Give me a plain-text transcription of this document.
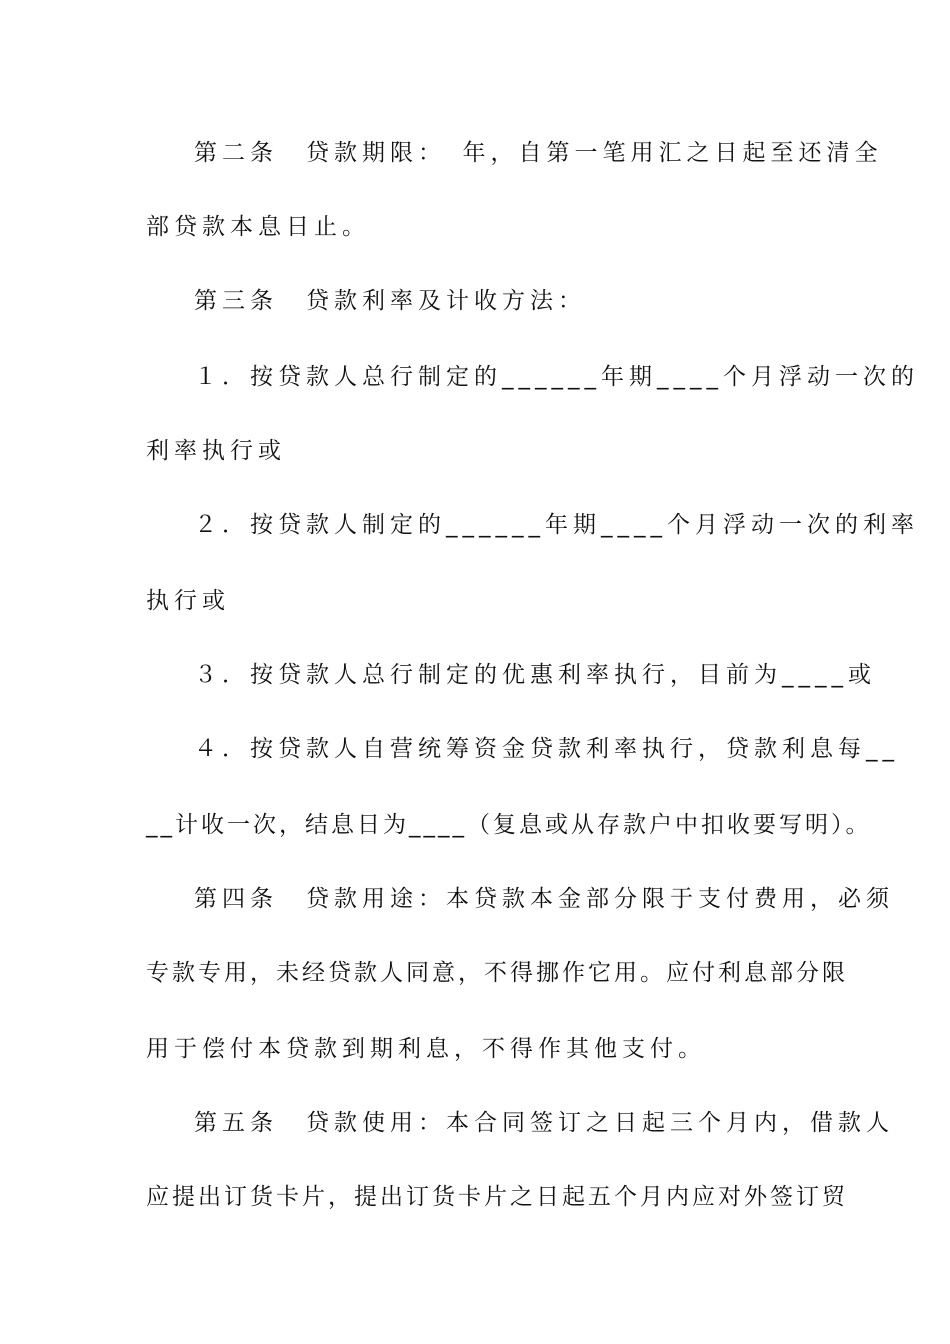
第二条　贷款期限：　年，自第一笔用汇之日起至还清全
部贷款本息日止。
第三条　贷款利率及计收方法：
１．按贷款人总行制定的______年期____个月浮动一次的
利率执行或
２．按贷款人制定的______年期____个月浮动一次的利率
执行或
３．按贷款人总行制定的优惠利率执行，目前为____或
４．按贷款人自营统筹资金贷款利率执行，贷款利息每__
__计收一次，结息日为____（复息或从存款户中扣收要写明）。
第四条　贷款用途：本贷款本金部分限于支付费用，必须
专款专用，未经贷款人同意，不得挪作它用。应付利息部分限
用于偿付本贷款到期利息，不得作其他支付。
第五条　贷款使用：本合同签订之日起三个月内，借款人
应提出订货卡片，提出订货卡片之日起五个月内应对外签订贸
